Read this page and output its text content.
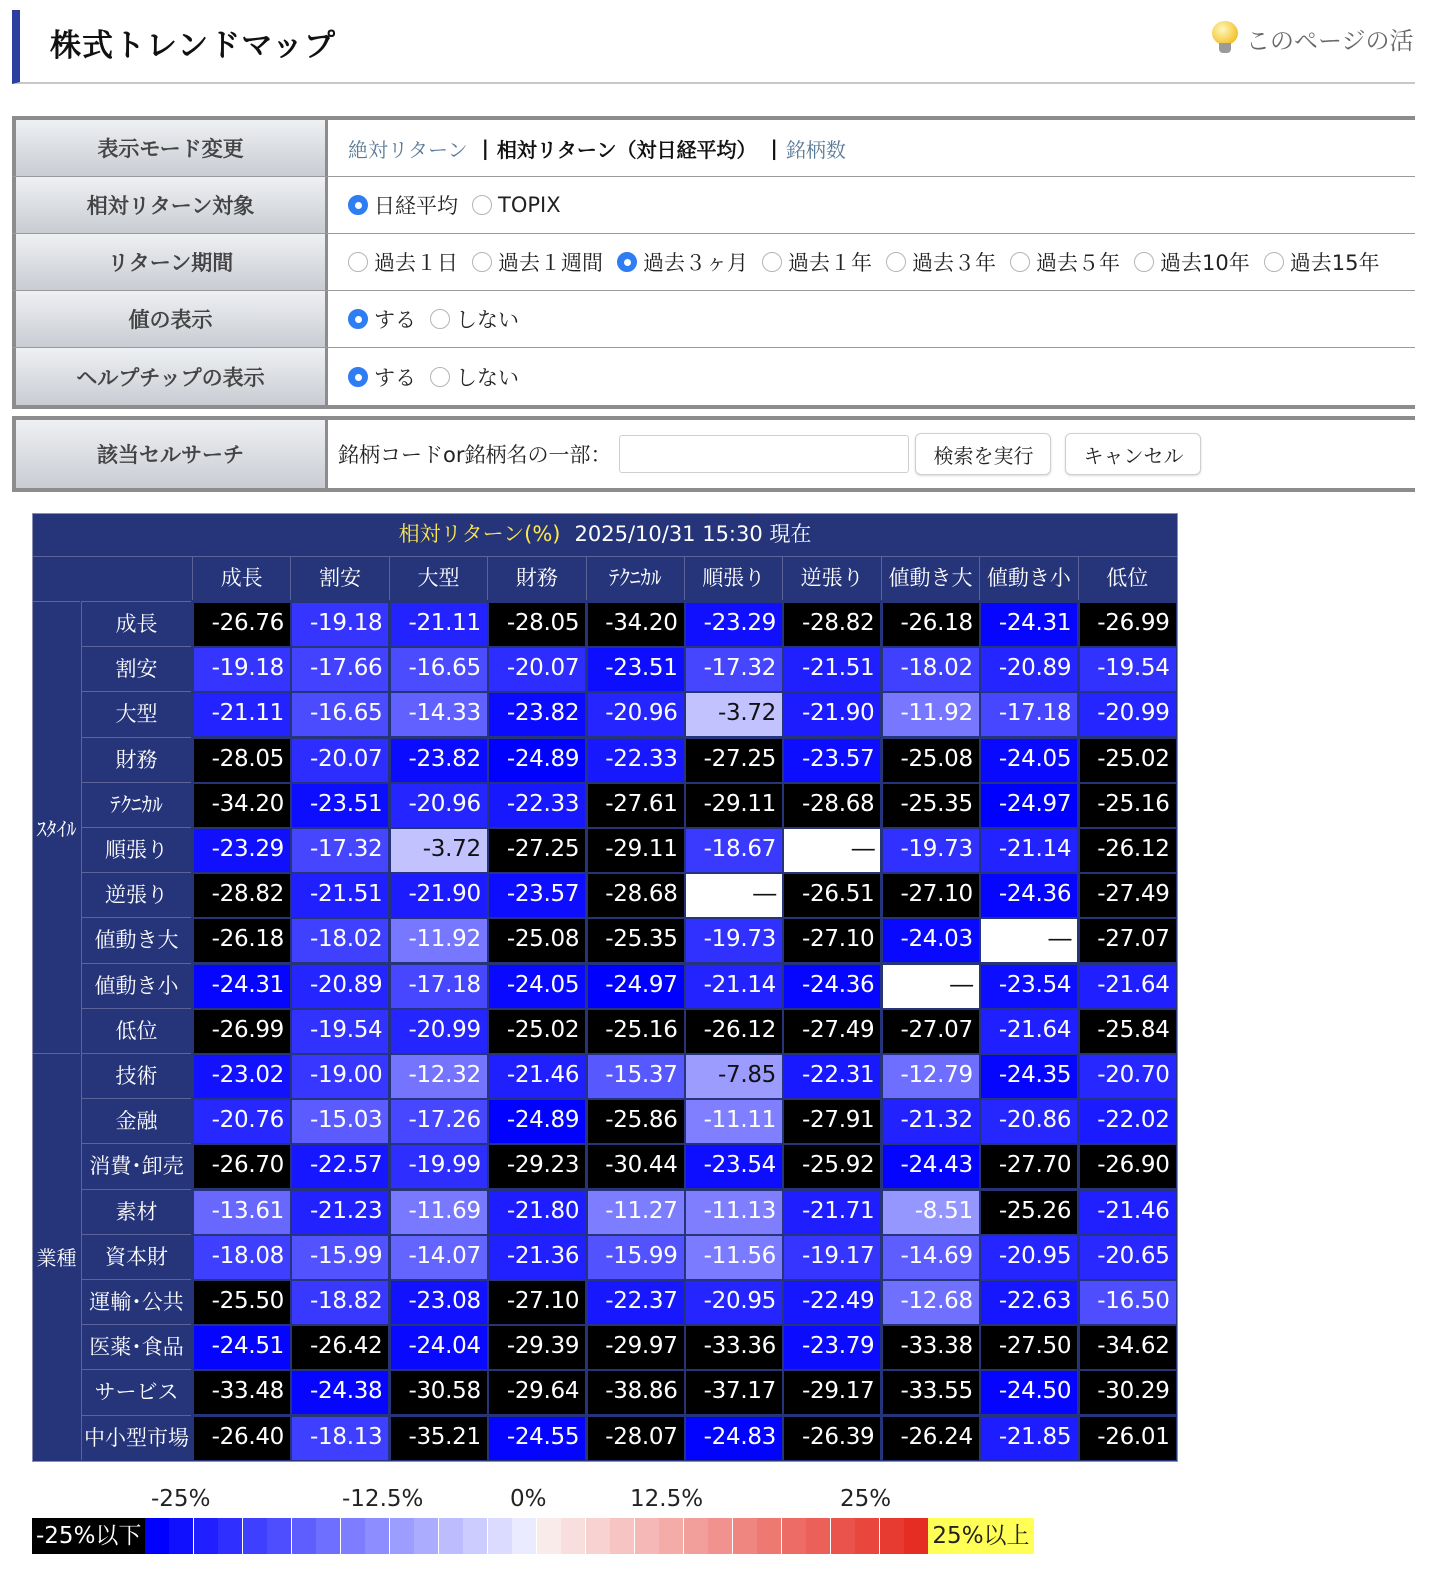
株式トレンドマップ	このページの活
表示モード変更	絶対リターン | 相対リターン（対日経平均） | 銘柄数
相対リターン対象	日経平均 TOPIX
リターン期間	過去１日 過去１週間 過去３ヶ月 過去１年 過去３年 過去５年 過去10年 過去15年
値の表示	する しない
ヘルプチップの表示	する しない
該当セルサーチ	銘柄コードor銘柄名の一部：	検索を実行	キャンセル
相対リターン(%) 2025/10/31 15:30 現在
成長	割安	大型	財務	ﾃｸﾆｶﾙ	順張り	逆張り	値動き大 値動き小	低位
ｽﾀｲﾙ
成長	-26.76	-19.18	-21.11	-28.05	-34.20	-23.29	-28.82	-26.18	-24.31	-26.99
割安	-19.18	-17.66	-16.65	-20.07	-23.51	-17.32	-21.51	-18.02	-20.89	-19.54
大型	-21.11	-16.65	-14.33	-23.82	-20.96	-3.72	-21.90	-11.92	-17.18	-20.99
財務	-28.05	-20.07	-23.82	-24.89	-22.33	-27.25	-23.57	-25.08	-24.05	-25.02
ﾃｸﾆｶﾙ	-34.20	-23.51	-20.96	-22.33	-27.61	-29.11	-28.68	-25.35	-24.97	-25.16
順張り	-23.29	-17.32	-3.72	-27.25	-29.11	-18.67	―	-19.73	-21.14	-26.12
逆張り	-28.82	-21.51	-21.90	-23.57	-28.68	―	-26.51	-27.10	-24.36	-27.49
値動き大	-26.18	-18.02	-11.92	-25.08	-25.35	-19.73	-27.10	-24.03	―	-27.07
値動き小	-24.31	-20.89	-17.18	-24.05	-24.97	-21.14	-24.36	―	-23.54	-21.64
低位	-26.99	-19.54	-20.99	-25.02	-25.16	-26.12	-27.49	-27.07	-21.64	-25.84
業種
技術	-23.02	-19.00	-12.32	-21.46	-15.37	-7.85	-22.31	-12.79	-24.35	-20.70
金融	-20.76	-15.03	-17.26	-24.89	-25.86	-11.11	-27.91	-21.32	-20.86	-22.02
消費･卸売	-26.70	-22.57	-19.99	-29.23	-30.44	-23.54	-25.92	-24.43	-27.70	-26.90
素材	-13.61	-21.23	-11.69	-21.80	-11.27	-11.13	-21.71	-8.51	-25.26	-21.46
資本財	-18.08	-15.99	-14.07	-21.36	-15.99	-11.56	-19.17	-14.69	-20.95	-20.65
運輸･公共	-25.50	-18.82	-23.08	-27.10	-22.37	-20.95	-22.49	-12.68	-22.63	-16.50
医薬･食品	-24.51	-26.42	-24.04	-29.39	-29.97	-33.36	-23.79	-33.38	-27.50	-34.62
サービス	-33.48	-24.38	-30.58	-29.64	-38.86	-37.17	-29.17	-33.55	-24.50	-30.29
中小型市場 -26.40	-18.13	-35.21	-24.55	-28.07	-24.83	-26.39	-26.24	-21.85	-26.01
-25%	-12.5%	0%	12.5%	25%
-25%以下	25%以上
